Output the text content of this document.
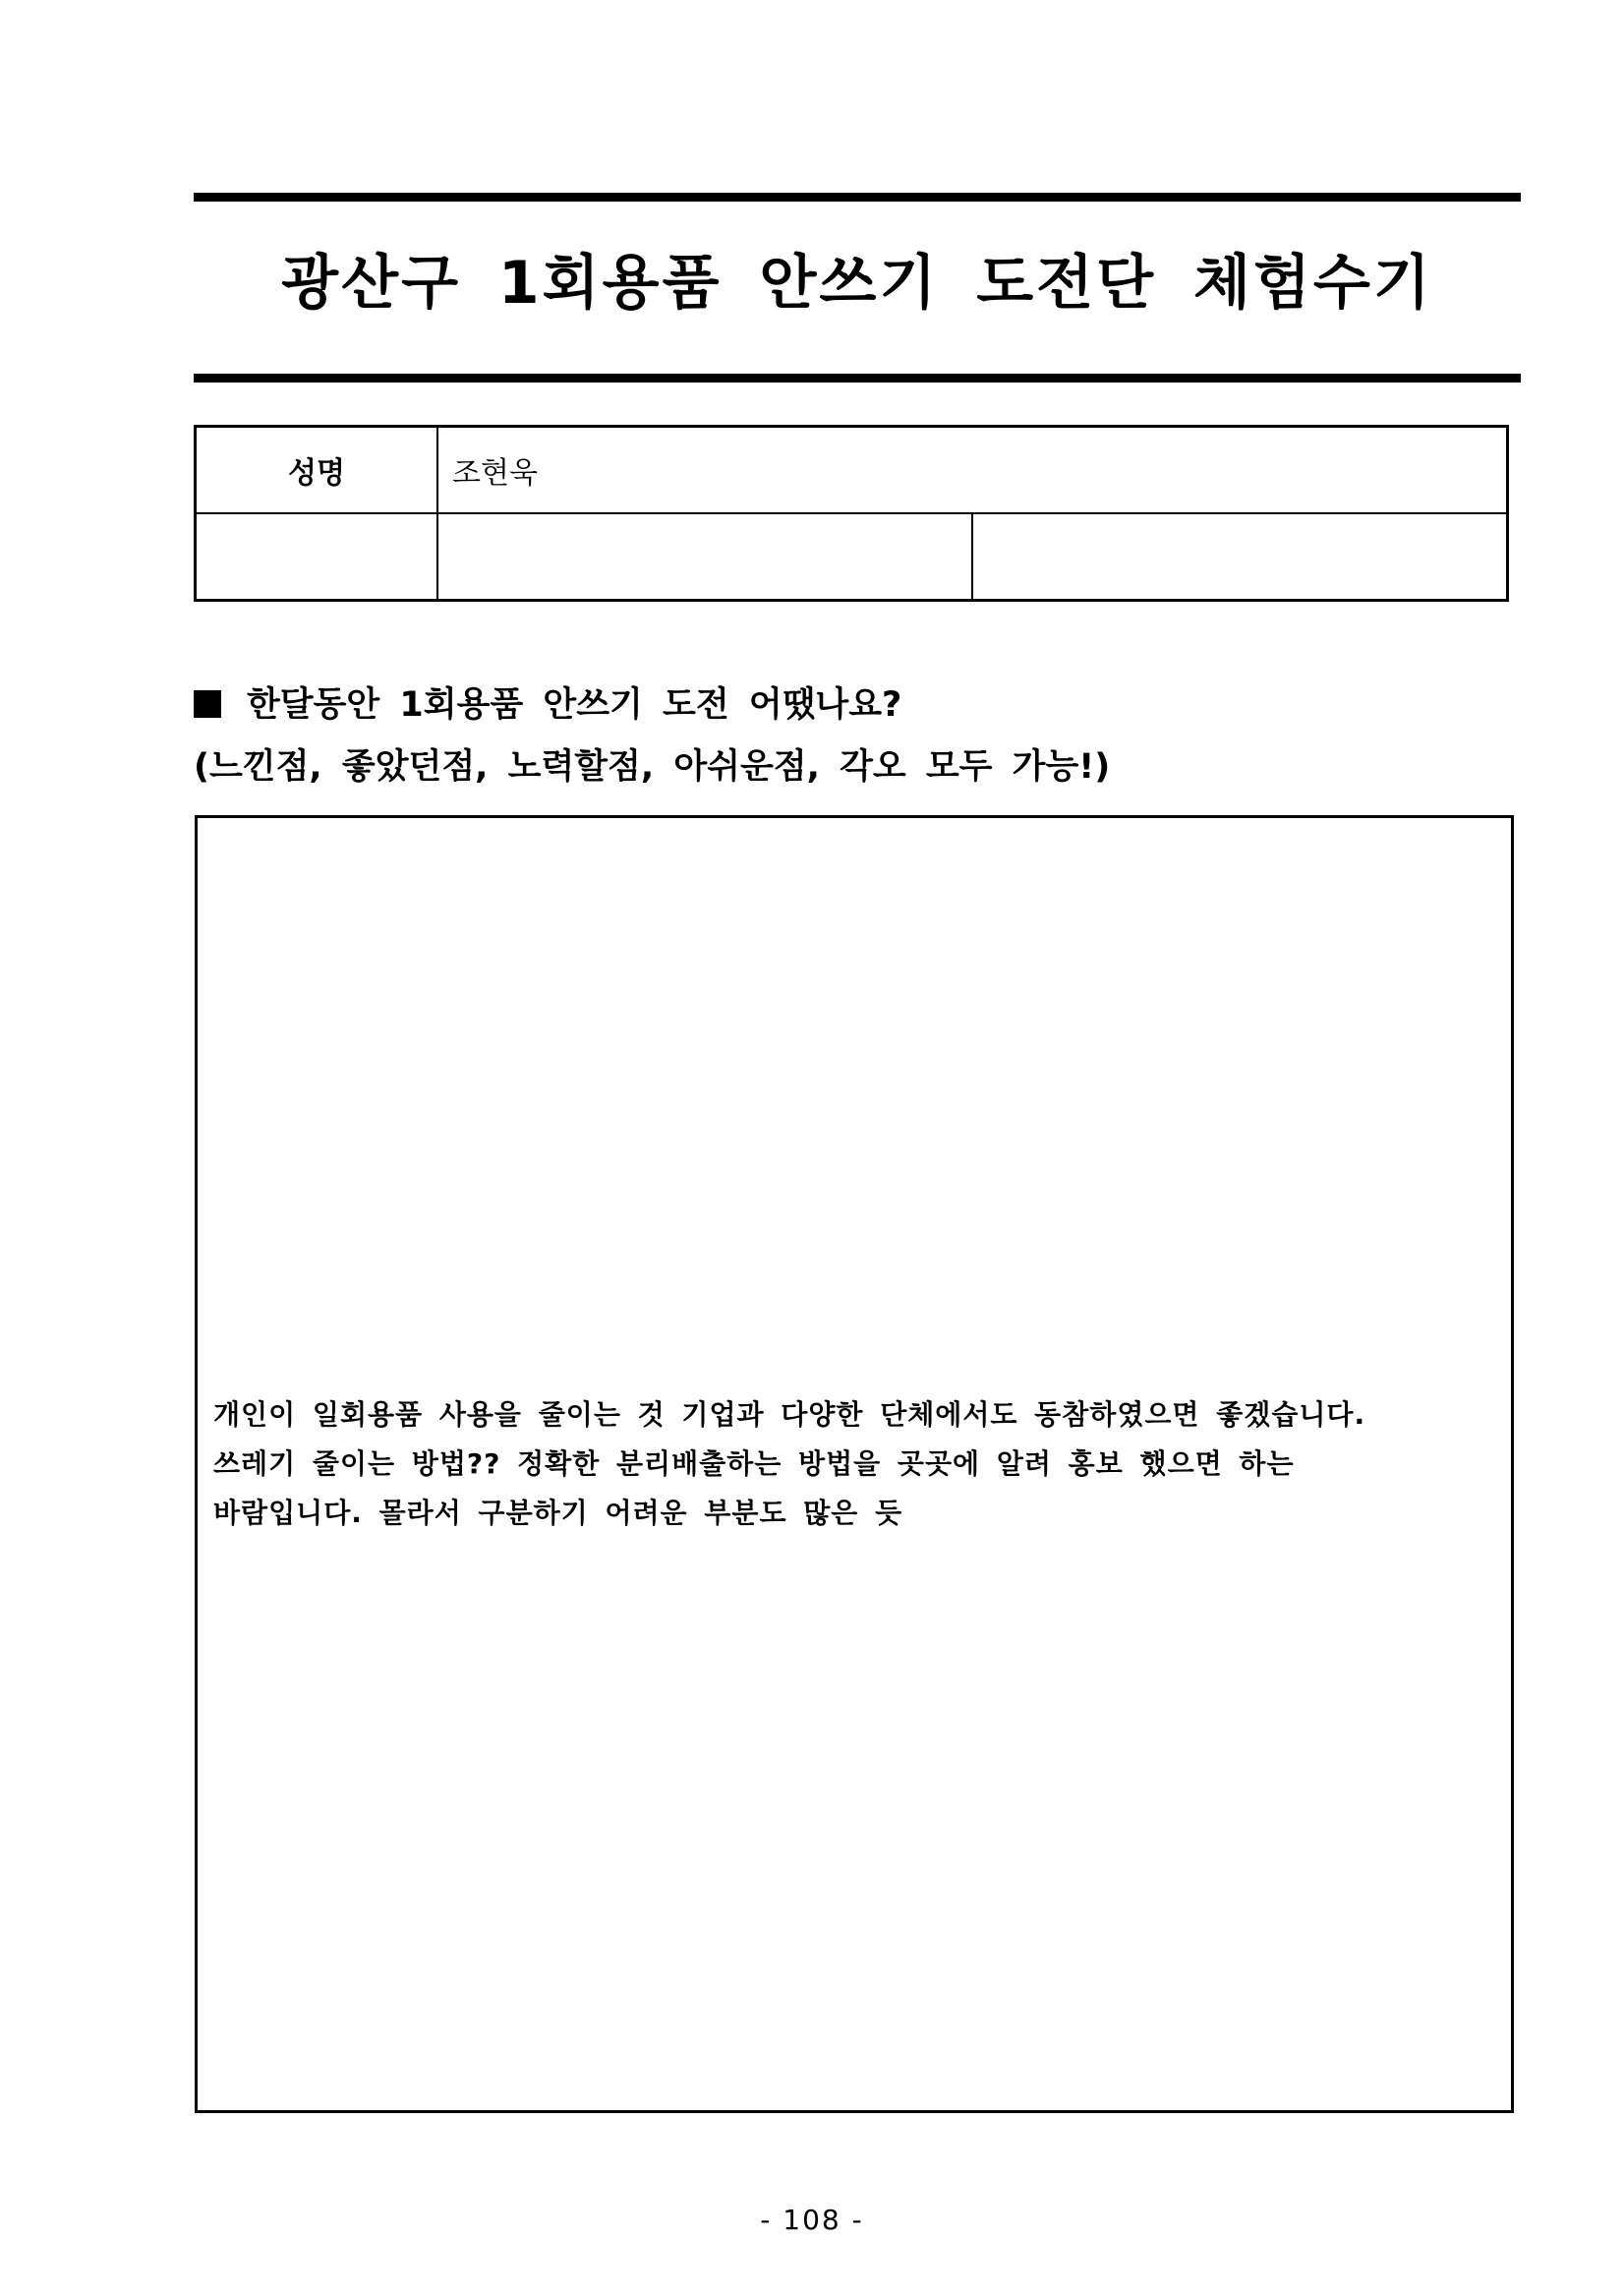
광산구 1회용품 안쓰기 도전단 체험수기
성명	조현욱	

한달동안 1회용품 안쓰기 도전 어땠나요?
(느낀점, 좋았던점, 노력할점, 아쉬운점, 각오 모두 가능!)
개인이 일회용품 사용을 줄이는 것 기업과 다양한 단체에서도 동참하였으면 좋겠습니다.
쓰레기 줄이는 방법?? 정확한 분리배출하는 방법을 곳곳에 알려 홍보 했으면 하는
바람입니다. 몰라서 구분하기 어려운 부분도 많은 듯
- 108 -
